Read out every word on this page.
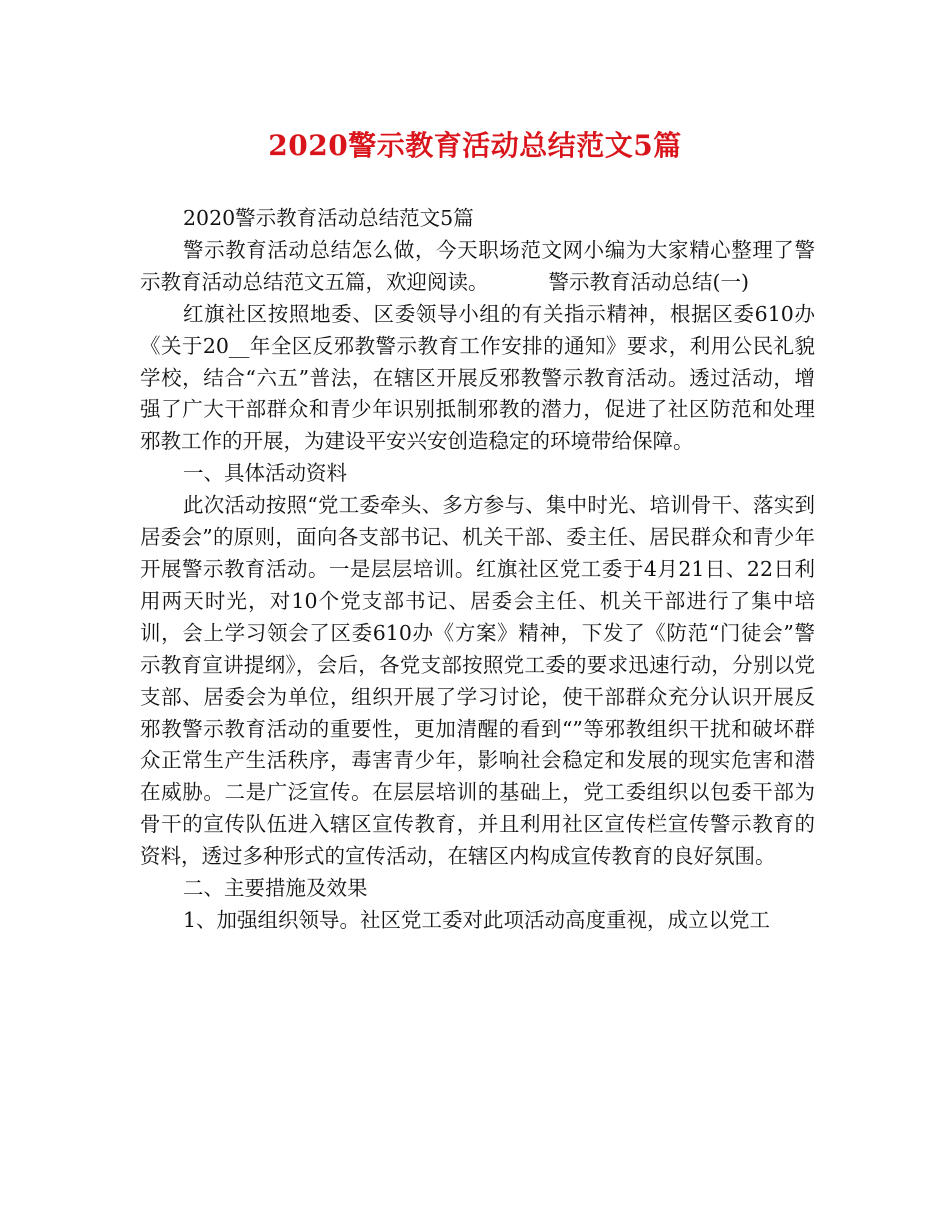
2020警示教育活动总结范文5篇

2020警示教育活动总结范文5篇

警示教育活动总结怎么做，今天职场范文网小编为大家精心整理了警示教育活动总结范文五篇，欢迎阅读。	警示教育活动总结(一)

红旗社区按照地委、区委领导小组的有关指示精神，根据区委610办《关于20__年全区反邪教警示教育工作安排的通知》要求，利用公民礼貌学校，结合“六五”普法，在辖区开展反邪教警示教育活动。透过活动，增强了广大干部群众和青少年识别抵制邪教的潜力，促进了社区防范和处理邪教工作的开展，为建设平安兴安创造稳定的环境带给保障。

一、具体活动资料

此次活动按照“党工委牵头、多方参与、集中时光、培训骨干、落实到居委会”的原则，面向各支部书记、机关干部、委主任、居民群众和青少年开展警示教育活动。一是层层培训。红旗社区党工委于4月21日、22日利用两天时光，对10个党支部书记、居委会主任、机关干部进行了集中培训，会上学习领会了区委610办《方案》精神，下发了《防范“门徒会”警示教育宣讲提纲》，会后，各党支部按照党工委的要求迅速行动，分别以党支部、居委会为单位，组织开展了学习讨论，使干部群众充分认识开展反邪教警示教育活动的重要性，更加清醒的看到“”等邪教组织干扰和破坏群众正常生产生活秩序，毒害青少年，影响社会稳定和发展的现实危害和潜在威胁。二是广泛宣传。在层层培训的基础上，党工委组织以包委干部为骨干的宣传队伍进入辖区宣传教育，并且利用社区宣传栏宣传警示教育的资料，透过多种形式的宣传活动，在辖区内构成宣传教育的良好氛围。

二、主要措施及效果

1、加强组织领导。社区党工委对此项活动高度重视，成立以党工
